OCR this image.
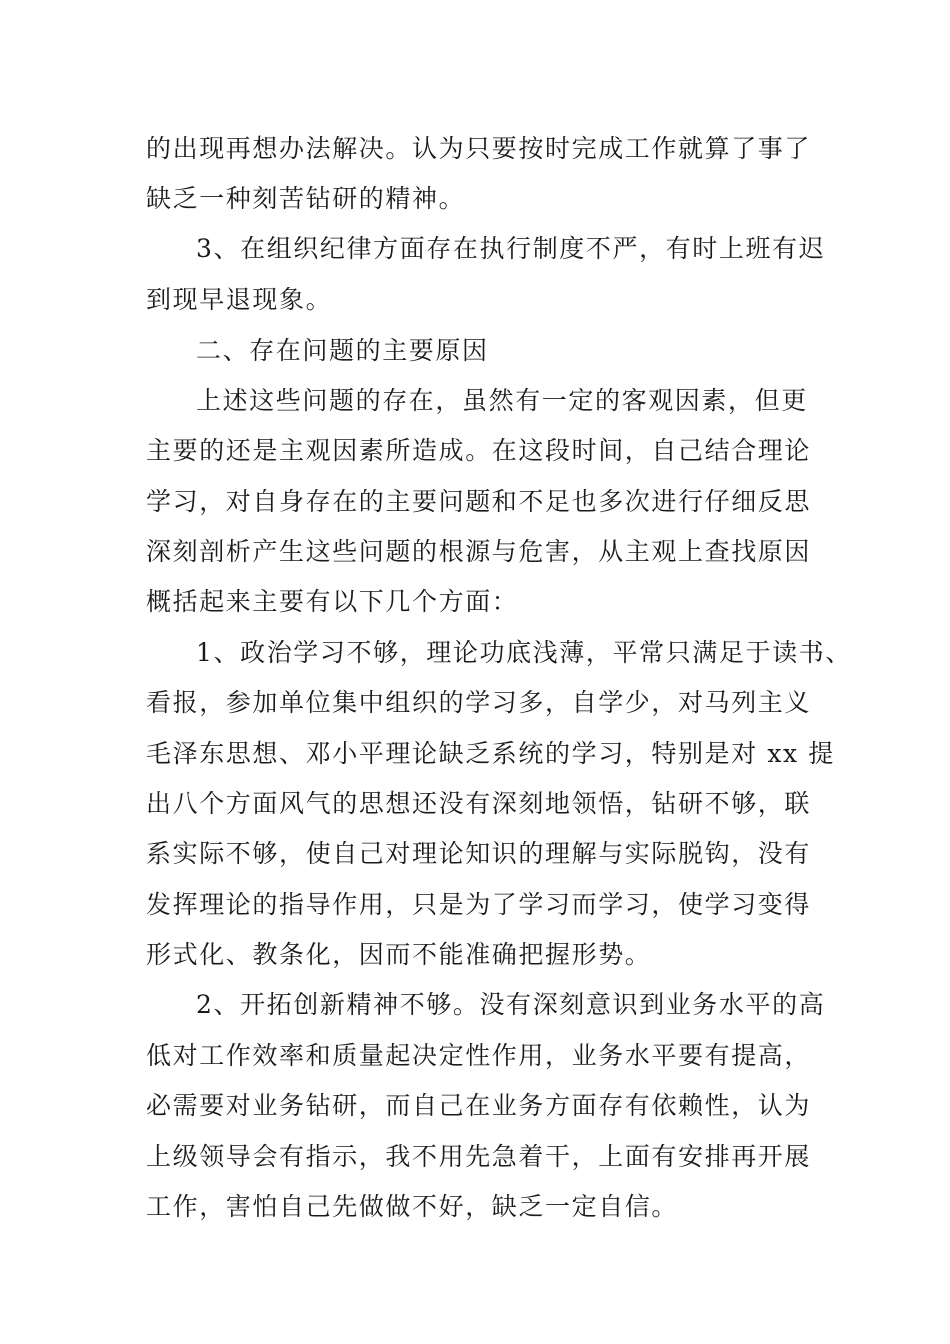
的出现再想办法解决。认为只要按时完成工作就算了事了
缺乏一种刻苦钻研的精神。
3、在组织纪律方面存在执行制度不严，有时上班有迟
到现早退现象。
二、存在问题的主要原因
上述这些问题的存在，虽然有一定的客观因素，但更
主要的还是主观因素所造成。在这段时间，自己结合理论
学习，对自身存在的主要问题和不足也多次进行仔细反思
深刻剖析产生这些问题的根源与危害，从主观上查找原因
概括起来主要有以下几个方面：
1、政治学习不够，理论功底浅薄，平常只满足于读书、
看报，参加单位集中组织的学习多，自学少，对马列主义
毛泽东思想、邓小平理论缺乏系统的学习，特别是对 xx 提
出八个方面风气的思想还没有深刻地领悟，钻研不够，联
系实际不够，使自己对理论知识的理解与实际脱钩，没有
发挥理论的指导作用，只是为了学习而学习，使学习变得
形式化、教条化，因而不能准确把握形势。
2、开拓创新精神不够。没有深刻意识到业务水平的高
低对工作效率和质量起决定性作用，业务水平要有提高，
必需要对业务钻研，而自己在业务方面存有依赖性，认为
上级领导会有指示，我不用先急着干，上面有安排再开展
工作，害怕自己先做做不好，缺乏一定自信。
